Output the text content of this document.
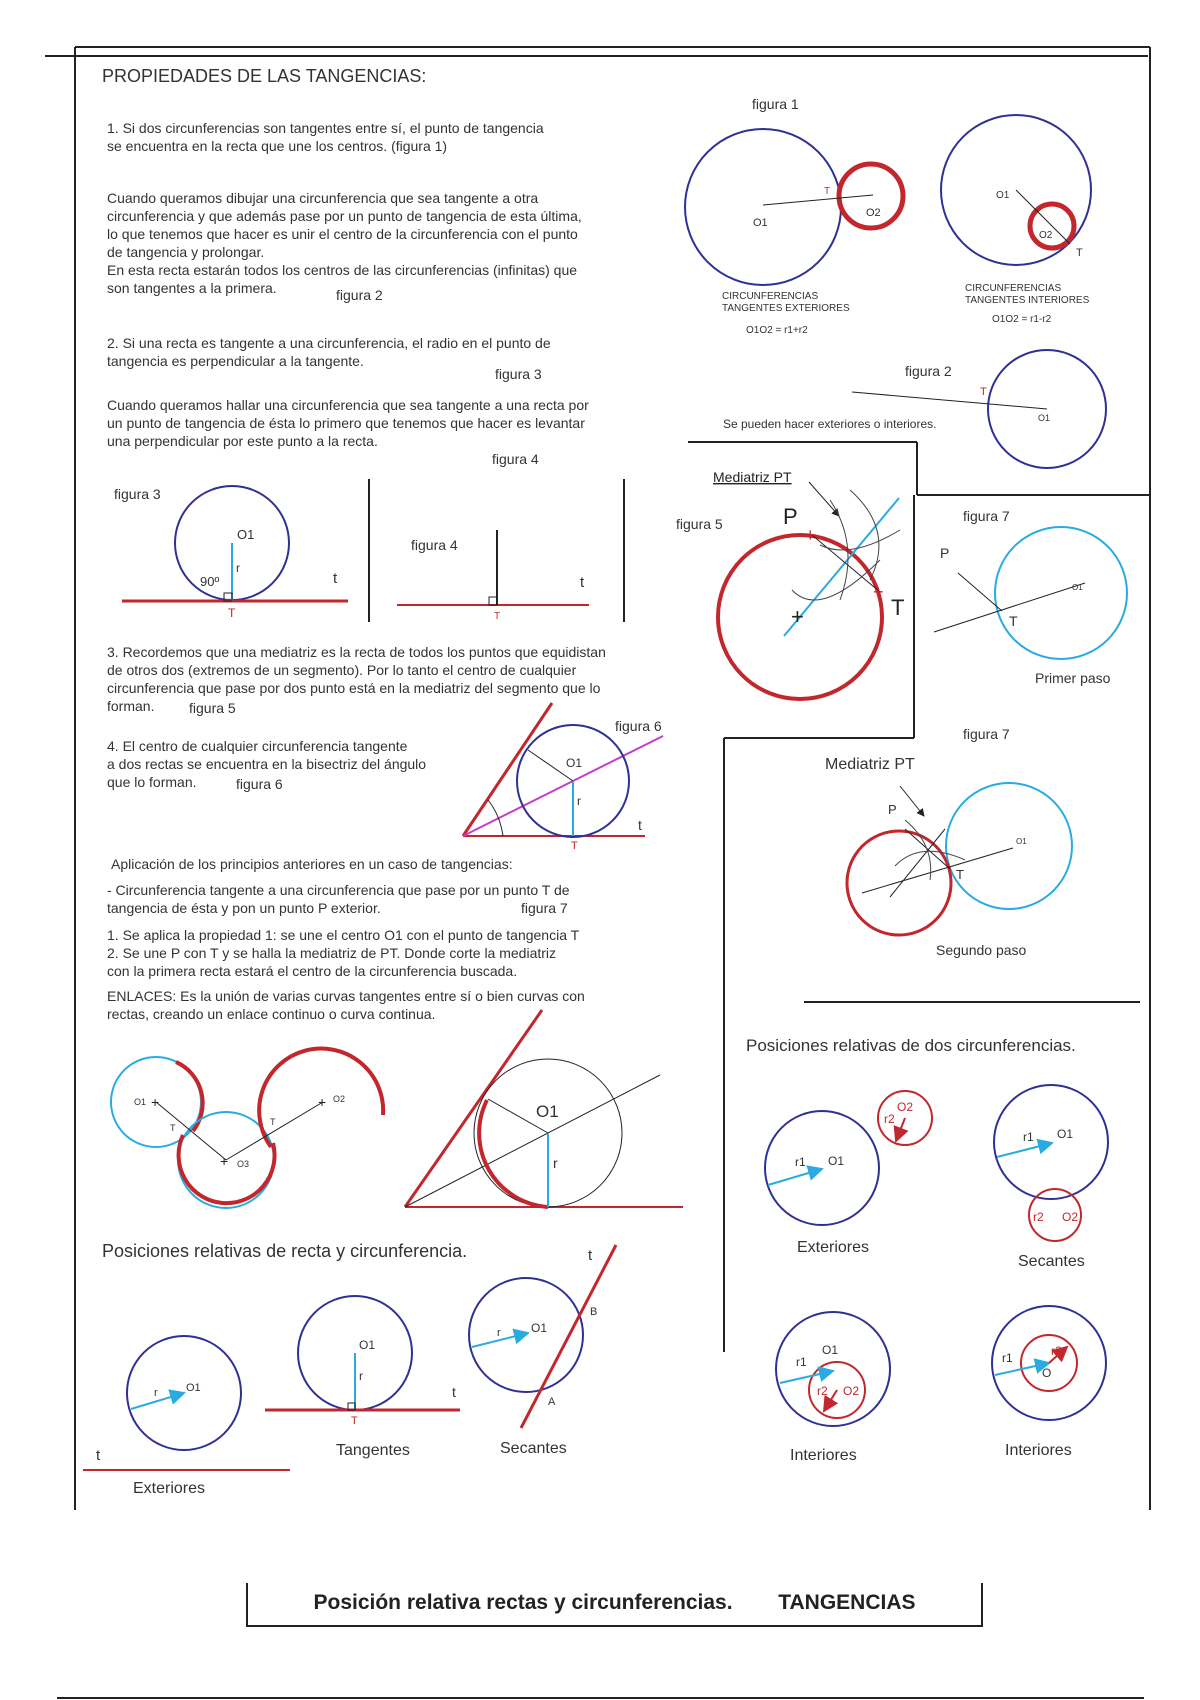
PROPIEDADES DE LAS TANGENCIAS:
1. Si dos circunferencias son tangentes entre sí, el punto de tangencia
se encuentra en la recta que une los centros. (figura 1)
Cuando queramos dibujar una circunferencia que sea tangente a otra
circunferencia y que además pase por un punto de tangencia de esta última,
lo que tenemos que hacer es unir el centro de la circunferencia con el punto
de tangencia y prolongar.
En esta recta estarán todos los centros de las circunferencias (infinitas) que
son tangentes a la primera.	figura 2
2. Si una recta es tangente a una circunferencia, el radio en el punto de
tangencia es perpendicular a la tangente.
figura 3
Cuando queramos hallar una circunferencia que sea tangente a una recta por
un punto de tangencia de ésta lo primero que tenemos que hacer es levantar
una perpendicular por este punto a la recta.
figura 4
3. Recordemos que una mediatriz es la recta de todos los puntos que equidistan
de otros dos (extremos de un segmento). Por lo tanto el centro de cualquier
circunferencia que pase por dos punto está en la mediatriz del segmento que lo
forman.	figura 5
4. El centro de cualquier circunferencia tangente
a dos rectas se encuentra en la bisectriz del ángulo
que lo forman.	figura 6
Aplicación de los principios anteriores en un caso de tangencias:
- Circunferencia tangente a una circunferencia que pase por un punto T de
tangencia de ésta y pon un punto P exterior.	figura 7
1. Se aplica la propiedad 1: se une el centro O1 con el punto de tangencia T
2. Se une P con T y se halla la mediatriz de PT. Donde corte la mediatriz
con la primera recta estará el centro de la circunferencia buscada.
ENLACES: Es la unión de varias curvas tangentes entre sí o bien curvas con
rectas, creando un enlace continuo o curva continua.
figura 1
CIRCUNFERENCIAS
TANGENTES EXTERIORES
O1O2 = r1+r2
CIRCUNFERENCIAS
TANGENTES INTERIORES
O1O2 = r1-r2
figura 2
Se pueden hacer exteriores o interiores.
figura 3
figura 4
figura 5
figura 6
figura 7
Primer paso
figura 7
Mediatriz PT
Segundo paso
Posiciones relativas de dos circunferencias.
Exteriores
Secantes
Interiores	Interiores
Posiciones relativas de recta y circunferencia.
Tangentes	Secantes
Exteriores
Posición relativa rectas y circunferencias. TANGENCIAS
O1
O2
T	O1
O2
T
T
O1
O1
r
90º	t
T
t
T
Mediatriz PT
P
T
+
+
+
O1
r
t
T
P
T
O1
P
T
O1
O1	O2
O3
T
T
+	+
+
O1
r
r	O1
t
O1
r
t
T
t
r	O1
A
B
r1 O1
r2
O2
r1 O1
r2 O2
O1
r1
r2 O2
r1	r2
O
